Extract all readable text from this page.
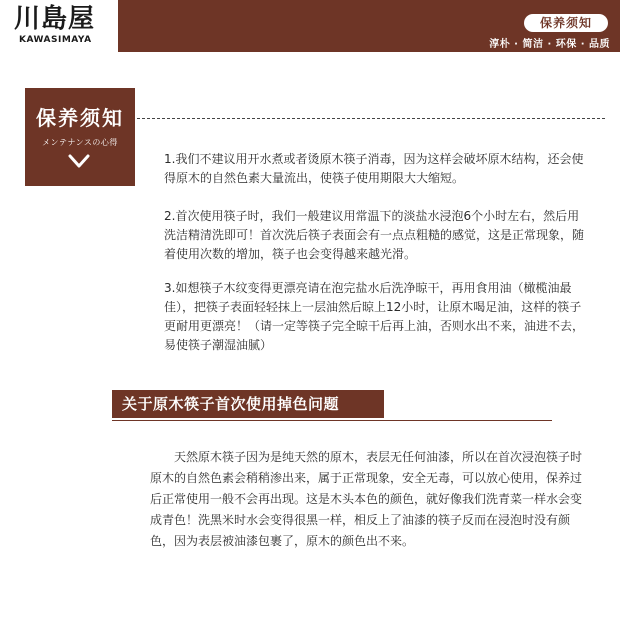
川島屋
KAWASIMAYA
保养须知
淳朴 · 简洁 · 环保 · 品质
保养须知
メンテナンスの心得

1.我们不建议用开水煮或者烫原木筷子消毒，因为这样会破坏原木结构，还会使得原木的自然色素大量流出，使筷子使用期限大大缩短。

2.首次使用筷子时，我们一般建议用常温下的淡盐水浸泡6个小时左右，然后用洗洁精清洗即可！首次洗后筷子表面会有一点点粗糙的感觉，这是正常现象，随着使用次数的增加，筷子也会变得越来越光滑。

3.如想筷子木纹变得更漂亮请在泡完盐水后洗净晾干，再用食用油（橄榄油最佳），把筷子表面轻轻抹上一层油然后晾上12小时，让原木喝足油，这样的筷子更耐用更漂亮！（请一定等筷子完全晾干后再上油，否则水出不来，油进不去，易使筷子潮湿油腻）

关于原木筷子首次使用掉色问题

天然原木筷子因为是纯天然的原木，表层无任何油漆，所以在首次浸泡筷子时原木的自然色素会稍稍渗出来，属于正常现象，安全无毒，可以放心使用，保养过后正常使用一般不会再出现。这是木头本色的颜色，就好像我们洗青菜一样水会变成青色！洗黑米时水会变得很黑一样，相反上了油漆的筷子反而在浸泡时没有颜色，因为表层被油漆包裹了，原木的颜色出不来。
